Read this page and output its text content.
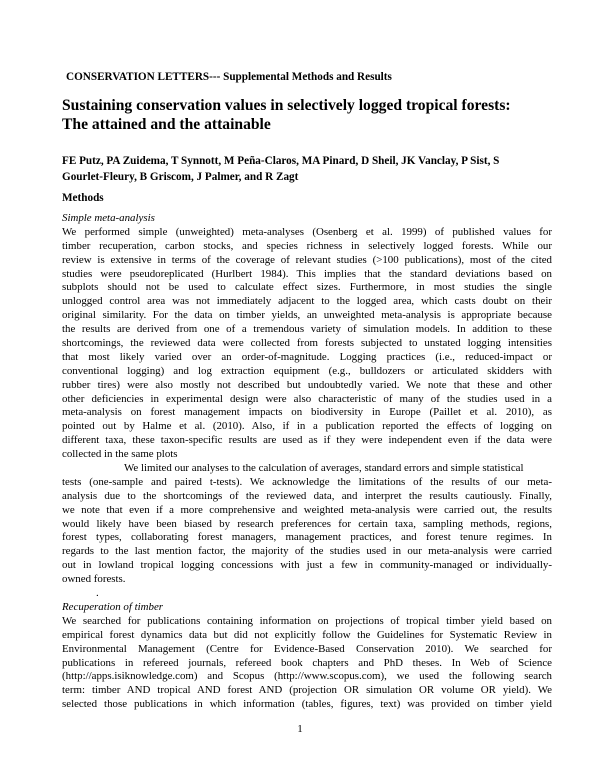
CONSERVATION LETTERS--- Supplemental Methods and Results
Sustaining conservation values in selectively logged tropical forests:
The attained and the attainable
FE Putz, PA Zuidema, T Synnott, M Peña-Claros, MA Pinard, D Sheil, JK Vanclay, P Sist, S
Gourlet-Fleury, B Griscom, J Palmer, and R Zagt
Methods
Simple meta-analysis
We performed simple (unweighted) meta-analyses (Osenberg et al. 1999) of published values for
timber recuperation, carbon stocks, and species richness in selectively logged forests. While our
review is extensive in terms of the coverage of relevant studies (>100 publications), most of the cited
studies were pseudoreplicated (Hurlbert 1984). This implies that the standard deviations based on
subplots should not be used to calculate effect sizes. Furthermore, in most studies the single
unlogged control area was not immediately adjacent to the logged area, which casts doubt on their
original similarity. For the data on timber yields, an unweighted meta-analysis is appropriate because
the results are derived from one of a tremendous variety of simulation models. In addition to these
shortcomings, the reviewed data were collected from forests subjected to unstated logging intensities
that most likely varied over an order-of-magnitude. Logging practices (i.e., reduced-impact or
conventional logging) and log extraction equipment (e.g., bulldozers or articulated skidders with
rubber tires) were also mostly not described but undoubtedly varied. We note that these and other
other deficiencies in experimental design were also characteristic of many of the studies used in a
meta-analysis on forest management impacts on biodiversity in Europe (Paillet et al. 2010), as
pointed out by Halme et al. (2010). Also, if in a publication reported the effects of logging on
different taxa, these taxon-specific results are used as if they were independent even if the data were
collected in the same plots
We limited our analyses to the calculation of averages, standard errors and simple statistical
tests (one-sample and paired t-tests). We acknowledge the limitations of the results of our meta-
analysis due to the shortcomings of the reviewed data, and interpret the results cautiously. Finally,
we note that even if a more comprehensive and weighted meta-analysis were carried out, the results
would likely have been biased by research preferences for certain taxa, sampling methods, regions,
forest types, collaborating forest managers, management practices, and forest tenure regimes. In
regards to the last mention factor, the majority of the studies used in our meta-analysis were carried
out in lowland tropical logging concessions with just a few in community-managed or individually-
owned forests.
.
Recuperation of timber
We searched for publications containing information on projections of tropical timber yield based on
empirical forest dynamics data but did not explicitly follow the Guidelines for Systematic Review in
Environmental Management (Centre for Evidence-Based Conservation 2010). We searched for
publications in refereed journals, refereed book chapters and PhD theses. In Web of Science
(http://apps.isiknowledge.com) and Scopus (http://www.scopus.com), we used the following search
term: timber AND tropical AND forest AND (projection OR simulation OR volume OR yield). We
selected those publications in which information (tables, figures, text) was provided on timber yield
1
